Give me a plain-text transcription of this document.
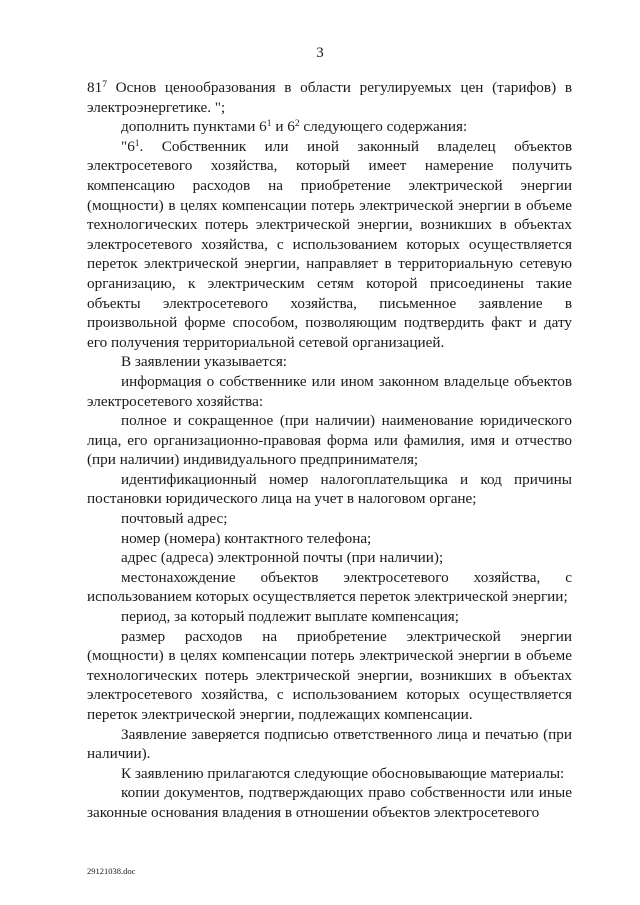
3

$81^7$ Основ ценообразования в области регулируемых цен (тарифов) в электроэнергетике. ";

дополнить пунктами $6^1$ и $6^2$ следующего содержания:

"$6^1$. Собственник или иной законный владелец объектов электросетевого хозяйства, который имеет намерение получить компенсацию расходов на приобретение электрической энергии (мощности) в целях компенсации потерь электрической энергии в объеме технологических потерь электрической энергии, возникших в объектах электросетевого хозяйства, с использованием которых осуществляется переток электрической энергии, направляет в территориальную сетевую организацию, к электрическим сетям которой присоединены такие объекты электросетевого хозяйства, письменное заявление в произвольной форме способом, позволяющим подтвердить факт и дату его получения территориальной сетевой организацией.

В заявлении указывается:

информация о собственнике или ином законном владельце объектов электросетевого хозяйства:

полное и сокращенное (при наличии) наименование юридического лица, его организационно-правовая форма или фамилия, имя и отчество (при наличии) индивидуального предпринимателя;

идентификационный номер налогоплательщика и код причины постановки юридического лица на учет в налоговом органе;

почтовый адрес;

номер (номера) контактного телефона;

адрес (адреса) электронной почты (при наличии);

местонахождение объектов электросетевого хозяйства, с использованием которых осуществляется переток электрической энергии;

период, за который подлежит выплате компенсация;

размер расходов на приобретение электрической энергии (мощности) в целях компенсации потерь электрической энергии в объеме технологических потерь электрической энергии, возникших в объектах электросетевого хозяйства, с использованием которых осуществляется переток электрической энергии, подлежащих компенсации.

Заявление заверяется подписью ответственного лица и печатью (при наличии).

К заявлению прилагаются следующие обосновывающие материалы:

копии документов, подтверждающих право собственности или иные законные основания владения в отношении объектов электросетевого

29121038.doc
